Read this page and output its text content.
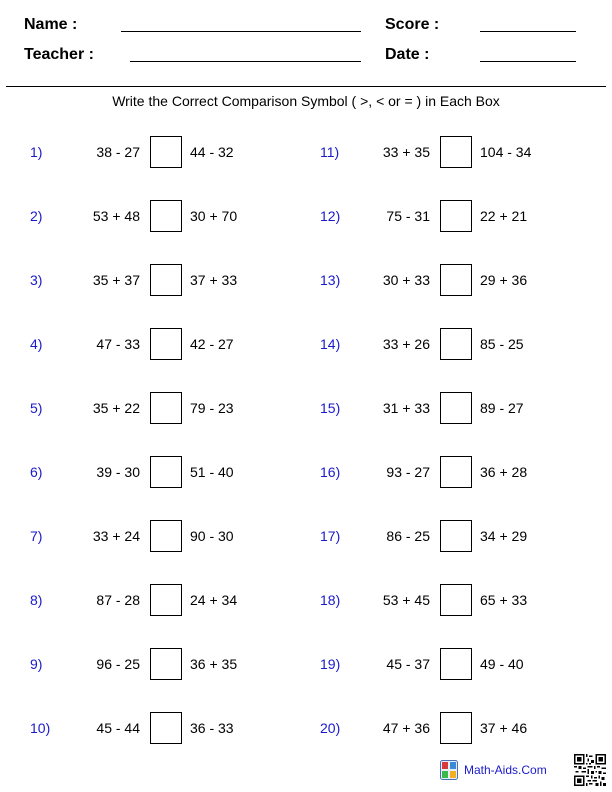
Name :	Score :
Teacher :	Date :
Write the Correct Comparison Symbol ( >, < or = ) in Each Box
1)	38 - 27	44 - 32
2)	53 + 48	30 + 70
3)	35 + 37	37 + 33
4)	47 - 33	42 - 27
5)	35 + 22	79 - 23
6)	39 - 30	51 - 40
7)	33 + 24	90 - 30
8)	87 - 28	24 + 34
9)	96 - 25	36 + 35
10)	45 - 44	36 - 33
11)	33 + 35	104 - 34
12)	75 - 31	22 + 21
13)	30 + 33	29 + 36
14)	33 + 26	85 - 25
15)	31 + 33	89 - 27
16)	93 - 27	36 + 28
17)	86 - 25	34 + 29
18)	53 + 45	65 + 33
19)	45 - 37	49 - 40
20)	47 + 36	37 + 46
Math-Aids.Com
